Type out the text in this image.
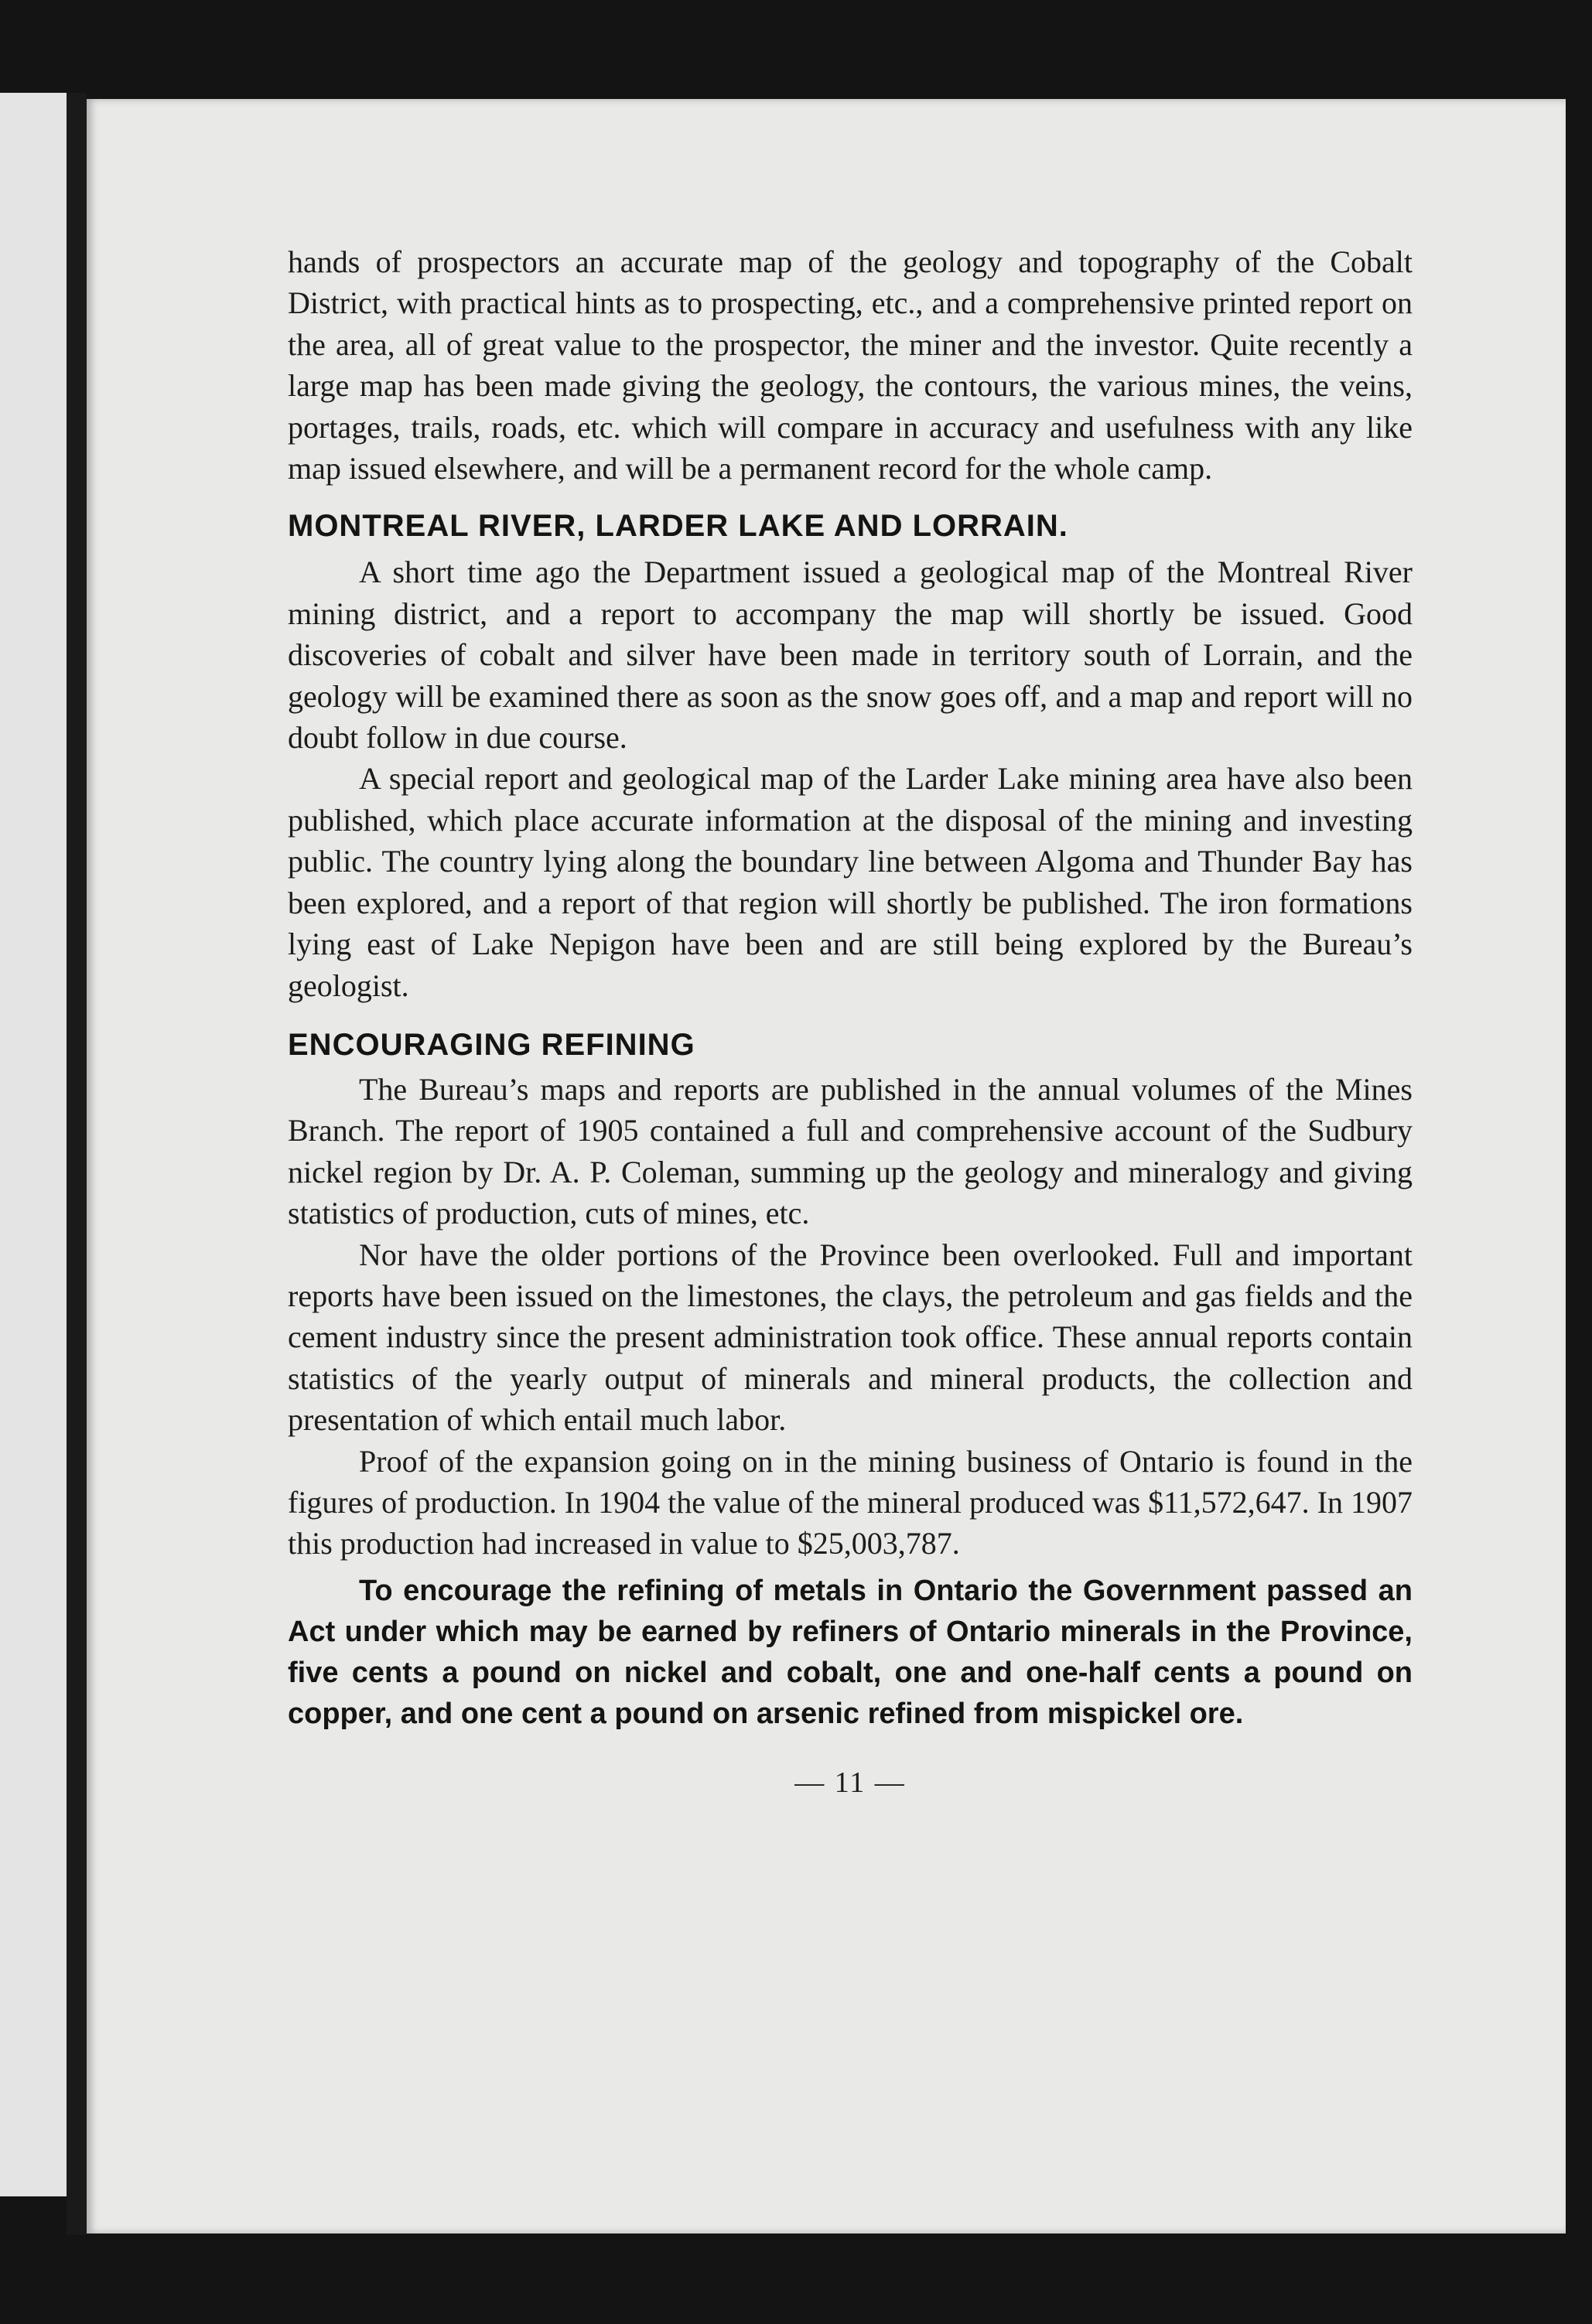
hands of prospectors an accurate map of the geology and topography of the Cobalt District, with practical hints as to prospecting, etc., and a comprehensive printed report on the area, all of great value to the prospector, the miner and the investor. Quite recently a large map has been made giving the geology, the contours, the various mines, the veins, portages, trails, roads, etc. which will compare in accuracy and usefulness with any like map issued elsewhere, and will be a permanent record for the whole camp.

MONTREAL RIVER, LARDER LAKE AND LORRAIN.

A short time ago the Department issued a geological map of the Montreal River mining district, and a report to accompany the map will shortly be issued. Good discoveries of cobalt and silver have been made in territory south of Lorrain, and the geology will be examined there as soon as the snow goes off, and a map and report will no doubt follow in due course.

A special report and geological map of the Larder Lake mining area have also been published, which place accurate information at the disposal of the mining and investing public. The country lying along the boundary line between Algoma and Thunder Bay has been explored, and a report of that region will shortly be published. The iron formations lying east of Lake Nepigon have been and are still being explored by the Bureau’s geologist.

ENCOURAGING REFINING

The Bureau’s maps and reports are published in the annual volumes of the Mines Branch. The report of 1905 contained a full and comprehensive account of the Sudbury nickel region by Dr. A. P. Coleman, summing up the geology and mineralogy and giving statistics of production, cuts of mines, etc.

Nor have the older portions of the Province been overlooked. Full and important reports have been issued on the limestones, the clays, the petroleum and gas fields and the cement industry since the present administration took office. These annual reports contain statistics of the yearly output of minerals and mineral products, the collection and presentation of which entail much labor.

Proof of the expansion going on in the mining business of Ontario is found in the figures of production. In 1904 the value of the mineral produced was $11,572,647. In 1907 this production had increased in value to $25,003,787.

To encourage the refining of metals in Ontario the Government passed an Act under which may be earned by refiners of Ontario minerals in the Province, five cents a pound on nickel and cobalt, one and one-half cents a pound on copper, and one cent a pound on arsenic refined from mispickel ore.

— 11 —
